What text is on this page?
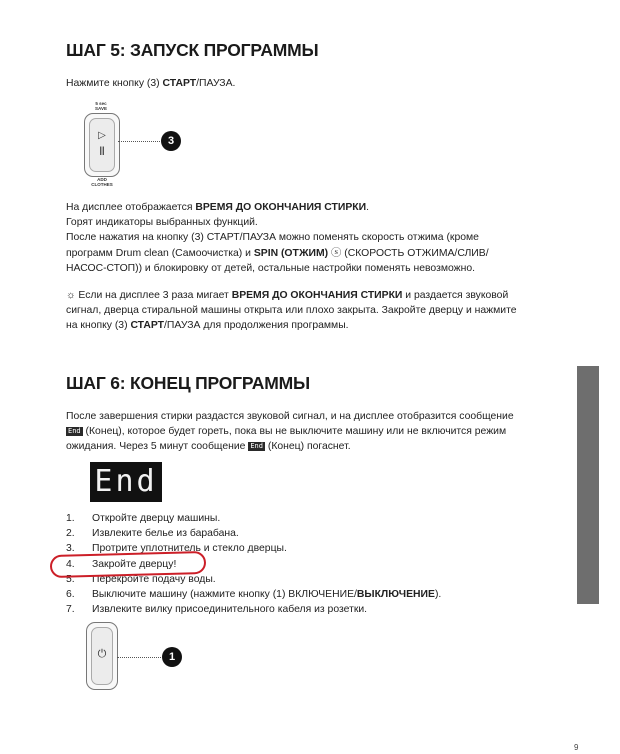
ШАГ 5: ЗАПУСК ПРОГРАММЫ
Нажмите кнопку (3) СТАРТ/ПАУЗА.
5 sec
SAVE
▷
||
ADD
CLOTHES
3
На дисплее отображается ВРЕМЯ ДО ОКОНЧАНИЯ СТИРКИ.
Горят индикаторы выбранных функций.
После нажатия на кнопку (3) СТАРТ/ПАУЗА можно поменять скорость отжима (кроме
программ Drum clean (Самоочистка) и SPIN (ОТЖИМ) ⓢ (СКОРОСТЬ ОТЖИМА/СЛИВ/
НАСОС-СТОП)) и блокировку от детей, остальные настройки поменять невозможно.
☼ Если на дисплее 3 раза мигает ВРЕМЯ ДО ОКОНЧАНИЯ СТИРКИ и раздается звуковой
сигнал, дверца стиральной машины открыта или плохо закрыта. Закройте дверцу и нажмите
на кнопку (3) СТАРТ/ПАУЗА для продолжения программы.
ШАГ 6: КОНЕЦ ПРОГРАММЫ
После завершения стирки раздастся звуковой сигнал, и на дисплее отобразится сообщение
End (Конец), которое будет гореть, пока вы не выключите машину или не включится режим
ожидания. Через 5 минут сообщение End (Конец) погаснет.
End
1. Откройте дверцу машины.
2. Извлеките белье из барабана.
3. Протрите уплотнитель и стекло дверцы.
4. Закройте дверцу!
5. Перекройте подачу воды.
6. Выключите машину (нажмите кнопку (1) ВКЛЮЧЕНИЕ/ВЫКЛЮЧЕНИЕ).
7. Извлеките вилку присоединительного кабеля из розетки.
⏻	1
9
